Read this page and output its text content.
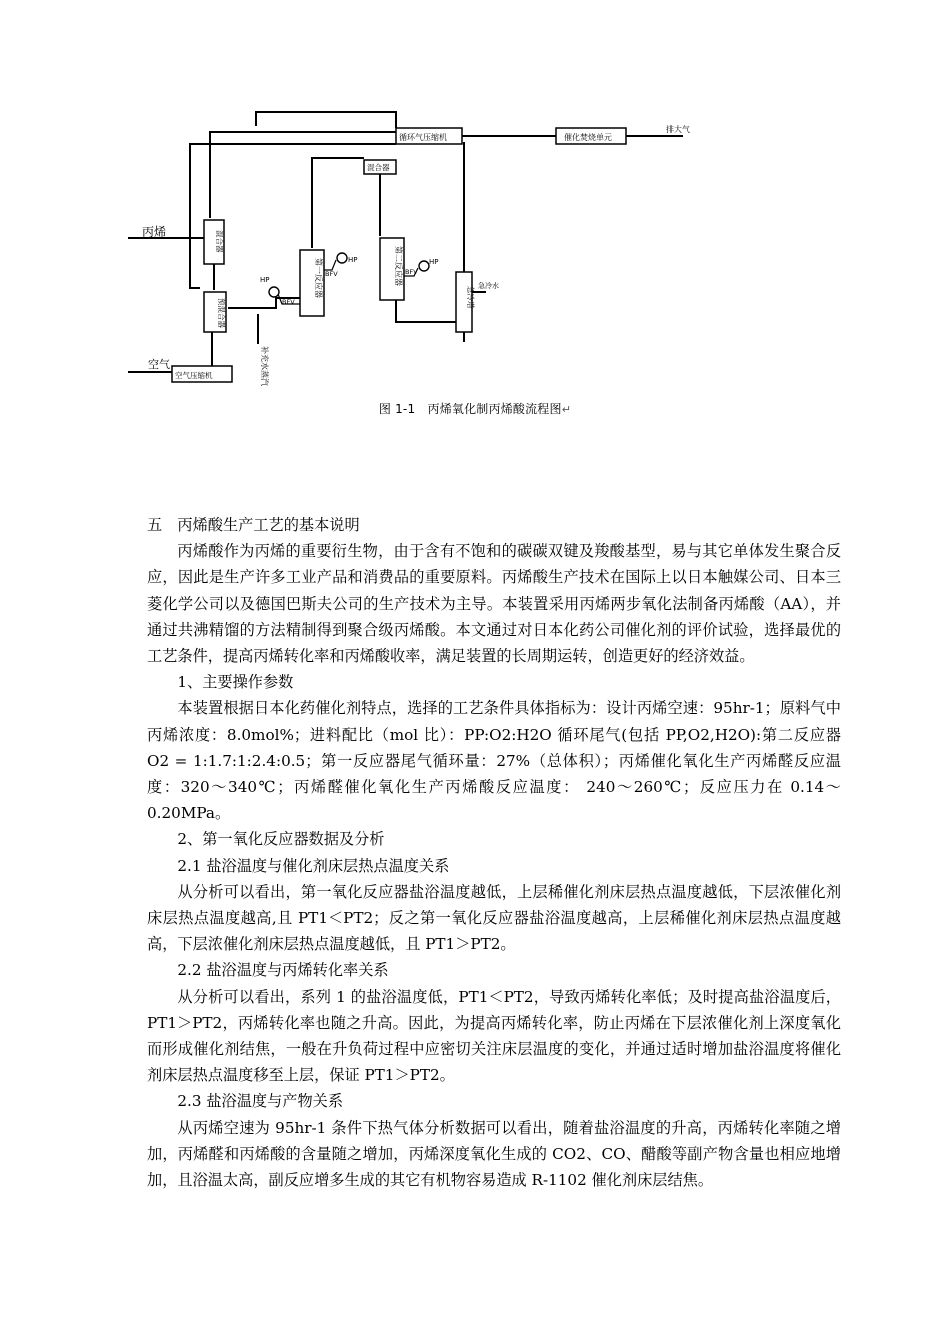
丙烯
空气
循环气压缩机	催化焚烧单元
排大气
混合器
空气压缩机
急冷水
HP
HP	HP
BFV
BFV	BFV
混合器
预混合器
第一反应器	第二反应器
急冷塔
补充水蒸汽
图 1-1　丙烯氧化制丙烯酸流程图↵

五　丙烯酸生产工艺的基本说明

丙烯酸作为丙烯的重要衍生物，由于含有不饱和的碳碳双键及羧酸基型，易与其它单体发生聚合反应，因此是生产许多工业产品和消费品的重要原料。丙烯酸生产技术在国际上以日本触媒公司、日本三菱化学公司以及德国巴斯夫公司的生产技术为主导。本装置采用丙烯两步氧化法制备丙烯酸（AA），并通过共沸精馏的方法精制得到聚合级丙烯酸。本文通过对日本化药公司催化剂的评价试验，选择最优的工艺条件，提高丙烯转化率和丙烯酸收率，满足装置的长周期运转，创造更好的经济效益。

1、主要操作参数

本装置根据日本化药催化剂特点，选择的工艺条件具体指标为：设计丙烯空速：95hr-1；原料气中丙烯浓度：8.0mol%；进料配比（mol 比）：PP:O2:H2O 循环尾气(包括 PP,O2,H2O):第二反应器 O2 = 1:1.7:1:2.4:0.5；第一反应器尾气循环量：27%（总体积）；丙烯催化氧化生产丙烯醛反应温度：320～340℃；丙烯醛催化氧化生产丙烯酸反应温度： 240～260℃；反应压力在 0.14～0.20MPa。

2、第一氧化反应器数据及分析

2.1 盐浴温度与催化剂床层热点温度关系

从分析可以看出，第一氧化反应器盐浴温度越低，上层稀催化剂床层热点温度越低，下层浓催化剂床层热点温度越高,且 PT1＜PT2；反之第一氧化反应器盐浴温度越高，上层稀催化剂床层热点温度越高，下层浓催化剂床层热点温度越低，且 PT1＞PT2。

2.2 盐浴温度与丙烯转化率关系

从分析可以看出，系列 1 的盐浴温度低，PT1＜PT2，导致丙烯转化率低；及时提高盐浴温度后，PT1＞PT2，丙烯转化率也随之升高。因此，为提高丙烯转化率，防止丙烯在下层浓催化剂上深度氧化而形成催化剂结焦，一般在升负荷过程中应密切关注床层温度的变化，并通过适时增加盐浴温度将催化剂床层热点温度移至上层，保证 PT1＞PT2。

2.3 盐浴温度与产物关系

从丙烯空速为 95hr-1 条件下热气体分析数据可以看出，随着盐浴温度的升高，丙烯转化率随之增加，丙烯醛和丙烯酸的含量随之增加，丙烯深度氧化生成的 CO2、CO、醋酸等副产物含量也相应地增加，且浴温太高，副反应增多生成的其它有机物容易造成 R-1102 催化剂床层结焦。
